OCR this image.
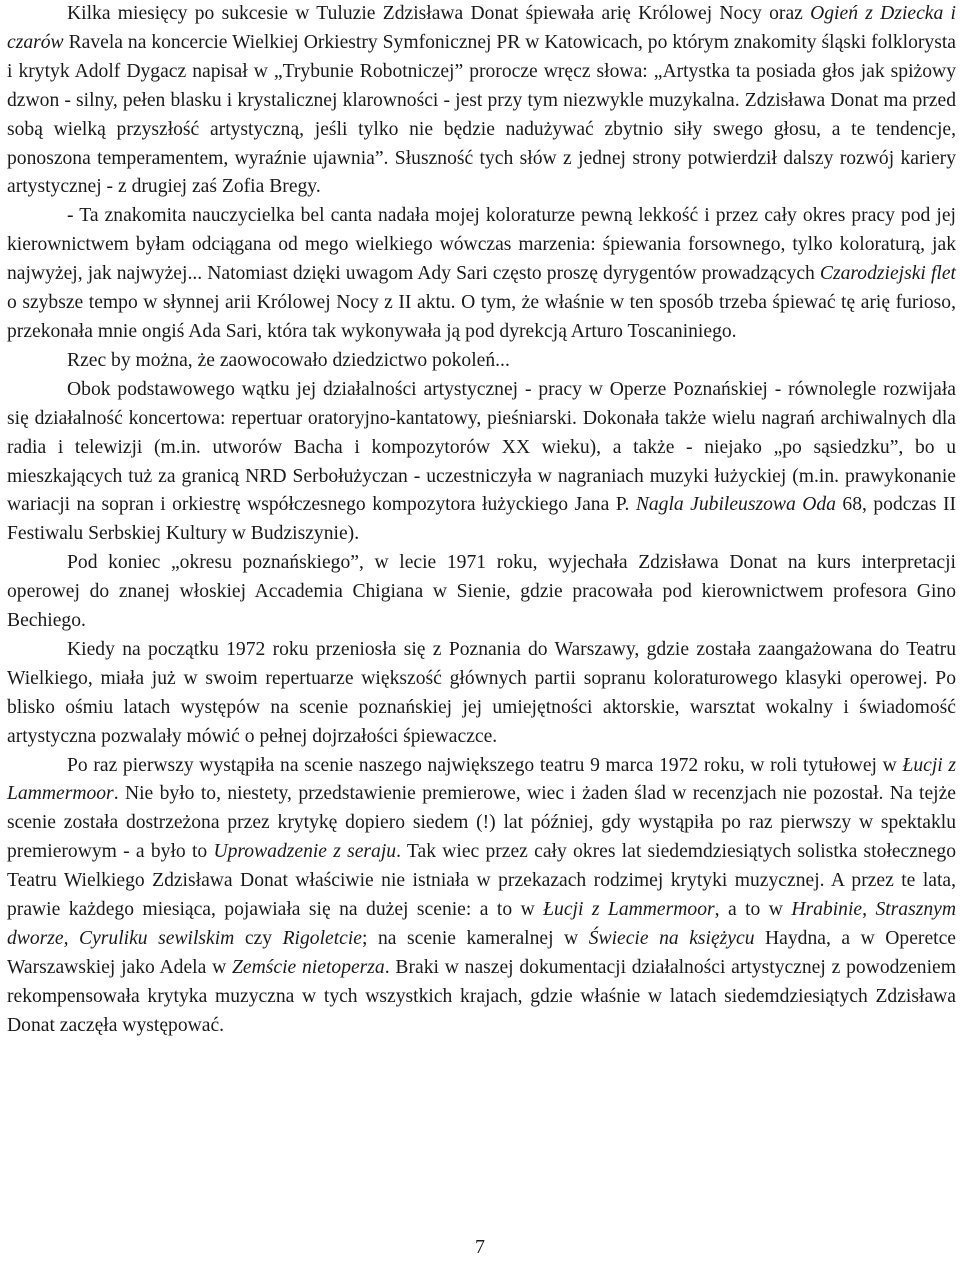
Kilka miesięcy po sukcesie w Tuluzie Zdzisława Donat śpiewała arię Królowej Nocy oraz Ogień z Dziecka i czarów Ravela na koncercie Wielkiej Orkiestry Symfonicznej PR w Katowicach, po którym znakomity śląski folklorysta i krytyk Adolf Dygacz napisał w „Trybunie Robotniczej” prorocze wręcz słowa: „Artystka ta posiada głos jak spiżowy dzwon - silny, pełen blasku i krystalicznej klarowności - jest przy tym niezwykle muzykalna. Zdzisława Donat ma przed sobą wielką przyszłość artystyczną, jeśli tylko nie będzie nadużywać zbytnio siły swego głosu, a te tendencje, ponoszona temperamentem, wyraźnie ujawnia”. Słuszność tych słów z jednej strony potwierdził dalszy rozwój kariery artystycznej - z drugiej zaś Zofia Bregy.

- Ta znakomita nauczycielka bel canta nadała mojej koloraturze pewną lekkość i przez cały okres pracy pod jej kierownictwem byłam odciągana od mego wielkiego wówczas marzenia: śpiewania forsownego, tylko koloraturą, jak najwyżej, jak najwyżej... Natomiast dzięki uwagom Ady Sari często proszę dyrygentów prowadzących Czarodziejski flet o szybsze tempo w słynnej arii Królowej Nocy z II aktu. O tym, że właśnie w ten sposób trzeba śpiewać tę arię furioso, przekonała mnie ongiś Ada Sari, która tak wykonywała ją pod dyrekcją Arturo Toscaniniego.

Rzec by można, że zaowocowało dziedzictwo pokoleń...

Obok podstawowego wątku jej działalności artystycznej - pracy w Operze Poznańskiej - równolegle rozwijała się działalność koncertowa: repertuar oratoryjno-kantatowy, pieśniarski. Dokonała także wielu nagrań archiwalnych dla radia i telewizji (m.in. utworów Bacha i kompozytorów XX wieku), a także - niejako „po sąsiedzku”, bo u mieszkających tuż za granicą NRD Serbołużyczan - uczestniczyła w nagraniach muzyki łużyckiej (m.in. prawykonanie wariacji na sopran i orkiestrę współczesnego kompozytora łużyckiego Jana P. Nagla Jubileuszowa Oda 68, podczas II Festiwalu Serbskiej Kultury w Budziszynie).

Pod koniec „okresu poznańskiego”, w lecie 1971 roku, wyjechała Zdzisława Donat na kurs interpretacji operowej do znanej włoskiej Accademia Chigiana w Sienie, gdzie pracowała pod kierownictwem profesora Gino Bechiego.

Kiedy na początku 1972 roku przeniosła się z Poznania do Warszawy, gdzie została zaangażowana do Teatru Wielkiego, miała już w swoim repertuarze większość głównych partii sopranu koloraturowego klasyki operowej. Po blisko ośmiu latach występów na scenie poznańskiej jej umiejętności aktorskie, warsztat wokalny i świadomość artystyczna pozwalały mówić o pełnej dojrzałości śpiewaczce.

Po raz pierwszy wystąpiła na scenie naszego największego teatru 9 marca 1972 roku, w roli tytułowej w Łucji z Lammermoor. Nie było to, niestety, przedstawienie premierowe, wiec i żaden ślad w recenzjach nie pozostał. Na tejże scenie została dostrzeżona przez krytykę dopiero siedem (!) lat później, gdy wystąpiła po raz pierwszy w spektaklu premierowym - a było to Uprowadzenie z seraju. Tak wiec przez cały okres lat siedemdziesiątych solistka stołecznego Teatru Wielkiego Zdzisława Donat właściwie nie istniała w przekazach rodzimej krytyki muzycznej. A przez te lata, prawie każdego miesiąca, pojawiała się na dużej scenie: a to w Łucji z Lammermoor, a to w Hrabinie, Strasznym dworze, Cyruliku sewilskim czy Rigoletcie; na scenie kameralnej w Świecie na księżycu Haydna, a w Operetce Warszawskiej jako Adela w Zemście nietoperza. Braki w naszej dokumentacji działalności artystycznej z powodzeniem rekompensowała krytyka muzyczna w tych wszystkich krajach, gdzie właśnie w latach siedemdziesiątych Zdzisława Donat zaczęła występować.

7
